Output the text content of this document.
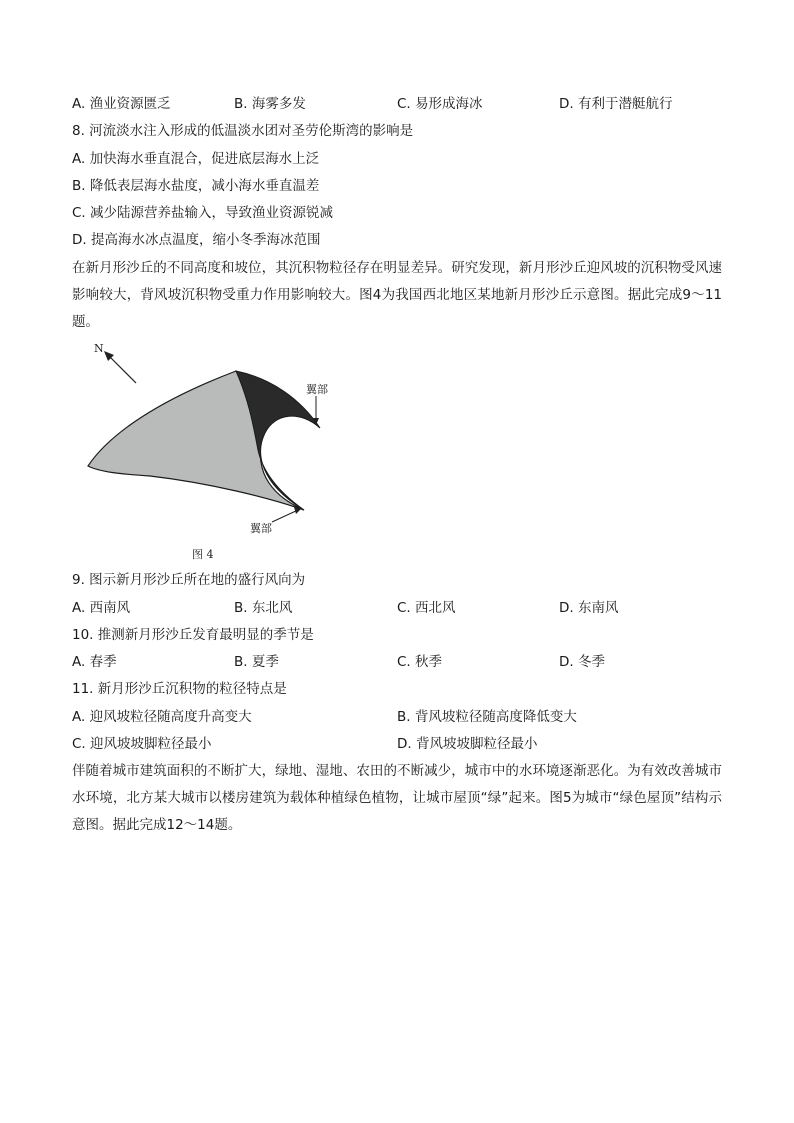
A. 渔业资源匮乏	B. 海雾多发	C. 易形成海冰	D. 有利于潜艇航行
8. 河流淡水注入形成的低温淡水团对圣劳伦斯湾的影响是
A. 加快海水垂直混合，促进底层海水上泛
B. 降低表层海水盐度，减小海水垂直温差
C. 减少陆源营养盐输入，导致渔业资源锐减
D. 提高海水冰点温度，缩小冬季海冰范围
在新月形沙丘的不同高度和坡位，其沉积物粒径存在明显差异。研究发现，新月形沙丘迎风坡的沉积物受风速影响较大，背风坡沉积物受重力作用影响较大。图4为我国西北地区某地新月形沙丘示意图。据此完成9～11题。
N
翼部
翼部
图 4
9. 图示新月形沙丘所在地的盛行风向为
A. 西南风	B. 东北风	C. 西北风	D. 东南风
10. 推测新月形沙丘发育最明显的季节是
A. 春季	B. 夏季	C. 秋季	D. 冬季
11. 新月形沙丘沉积物的粒径特点是
A. 迎风坡粒径随高度升高变大	B. 背风坡粒径随高度降低变大
C. 迎风坡坡脚粒径最小	D. 背风坡坡脚粒径最小
伴随着城市建筑面积的不断扩大，绿地、湿地、农田的不断减少，城市中的水环境逐渐恶化。为有效改善城市水环境，北方某大城市以楼房建筑为载体种植绿色植物，让城市屋顶“绿”起来。图5为城市“绿色屋顶”结构示意图。据此完成12～14题。
